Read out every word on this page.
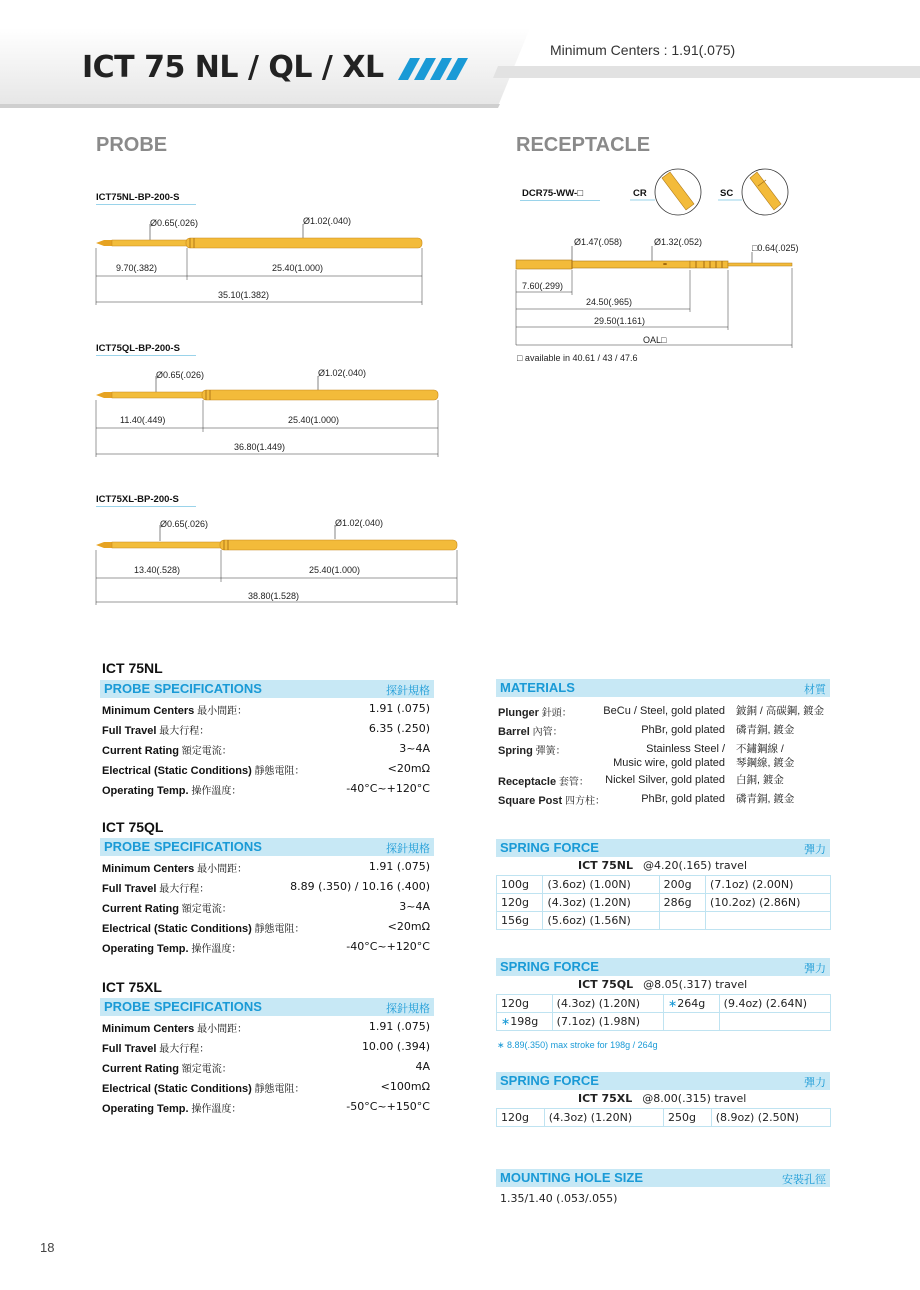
ICT 75 NL / QL / XL	Minimum Centers : 1.91(.075)
PROBE	RECEPTACLE
ICT75NL-BP-200-S
Ø0.65(.026)	Ø1.02(.040)
9.70(.382)	25.40(1.000)
35.10(1.382)
ICT75QL-BP-200-S
Ø0.65(.026)	Ø1.02(.040)
11.40(.449)	25.40(1.000)
36.80(1.449)
ICT75XL-BP-200-S
Ø0.65(.026)	Ø1.02(.040)
13.40(.528)	25.40(1.000)
38.80(1.528)
DCR75-WW-□	CR	SC
Ø1.47(.058)	Ø1.32(.052)
□0.64(.025)
7.60(.299)
24.50(.965)
29.50(1.161)
OAL□
□ available in 40.61 / 43 / 47.6
ICT 75NL
PROBE SPECIFICATIONS	探針規格
Minimum Centers 最小間距：	1.91 (.075)
Full Travel 最大行程：	6.35 (.250)
Current Rating 額定電流：	3~4A
Electrical (Static Conditions) 靜態電阻：	<20mΩ
Operating Temp. 操作溫度：	-40°C~+120°C
ICT 75QL
PROBE SPECIFICATIONS	探針規格
Minimum Centers 最小間距：	1.91 (.075)
Full Travel 最大行程：	8.89 (.350) / 10.16 (.400)
Current Rating 額定電流：	3~4A
Electrical (Static Conditions) 靜態電阻：	<20mΩ
Operating Temp. 操作溫度：	-40°C~+120°C
ICT 75XL
PROBE SPECIFICATIONS	探針規格
Minimum Centers 最小間距：	1.91 (.075)
Full Travel 最大行程：	10.00 (.394)
Current Rating 額定電流：	4A
Electrical (Static Conditions) 靜態電阻：	<100mΩ
Operating Temp. 操作溫度：	-50°C~+150°C
MATERIALS	材質
Plunger 針頭：	BeCu / Steel, gold plated 鈹銅 / 高碳鋼, 鍍金
Barrel 內管：	PhBr, gold plated 磷青銅, 鍍金
Spring 彈簧：	Stainless Steel /
Music wire, gold plated
不鏽鋼線 /
琴鋼線, 鍍金
Receptacle 套管： Nickel Silver, gold plated 白銅, 鍍金
Square Post 四方柱：	PhBr, gold plated 磷青銅, 鍍金
SPRING FORCE	彈力
ICT 75NL @4.20(.165) travel
100g	(3.6oz) (1.00N)	200g	(7.1oz) (2.00N)
120g	(4.3oz) (1.20N)	286g	(10.2oz) (2.86N)
156g	(5.6oz) (1.56N)		
SPRING FORCE	彈力
ICT 75QL @8.05(.317) travel
120g	(4.3oz) (1.20N)	∗264g	(9.4oz) (2.64N)
∗198g	(7.1oz) (1.98N)		
∗ 8.89(.350) max stroke for 198g / 264g
SPRING FORCE	彈力
ICT 75XL @8.00(.315) travel
120g	(4.3oz) (1.20N)	250g	(8.9oz) (2.50N)
MOUNTING HOLE SIZE	安裝孔徑
1.35/1.40 (.053/.055)
18
